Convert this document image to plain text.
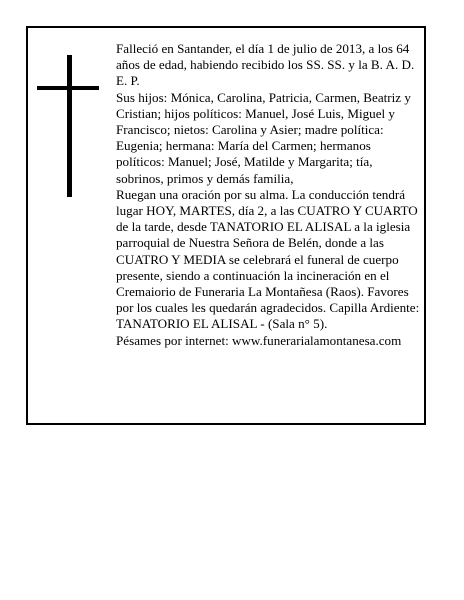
Falleció en Santander, el día 1 de julio de 2013, a los 64 años de edad, habiendo recibido los SS. SS. y la B. A. D. E. P.

Sus hijos: Mónica, Carolina, Patricia, Carmen, Beatriz y Cristian; hijos políticos: Manuel, José Luis, Miguel y Francisco; nietos: Carolina y Asier; madre política: Eugenia; hermana: María del Carmen; hermanos políticos: Manuel; José, Matilde y Margarita; tía, sobrinos, primos y demás familia,

Ruegan una oración por su alma. La conducción tendrá lugar HOY, MARTES, día 2, a las CUATRO Y CUARTO de la tarde, desde TANATORIO EL ALISAL a la iglesia parroquial de Nuestra Señora de Belén, donde a las CUATRO Y MEDIA se celebrará el funeral de cuerpo presente, siendo a continuación la incineración en el Cremaiorio de Funeraria La Montañesa (Raos). Favores por los cuales les quedarán agradecidos. Capilla Ardiente: TANATORIO EL ALISAL - (Sala n° 5).

Pésames por internet: www.funerarialamontanesa.com
